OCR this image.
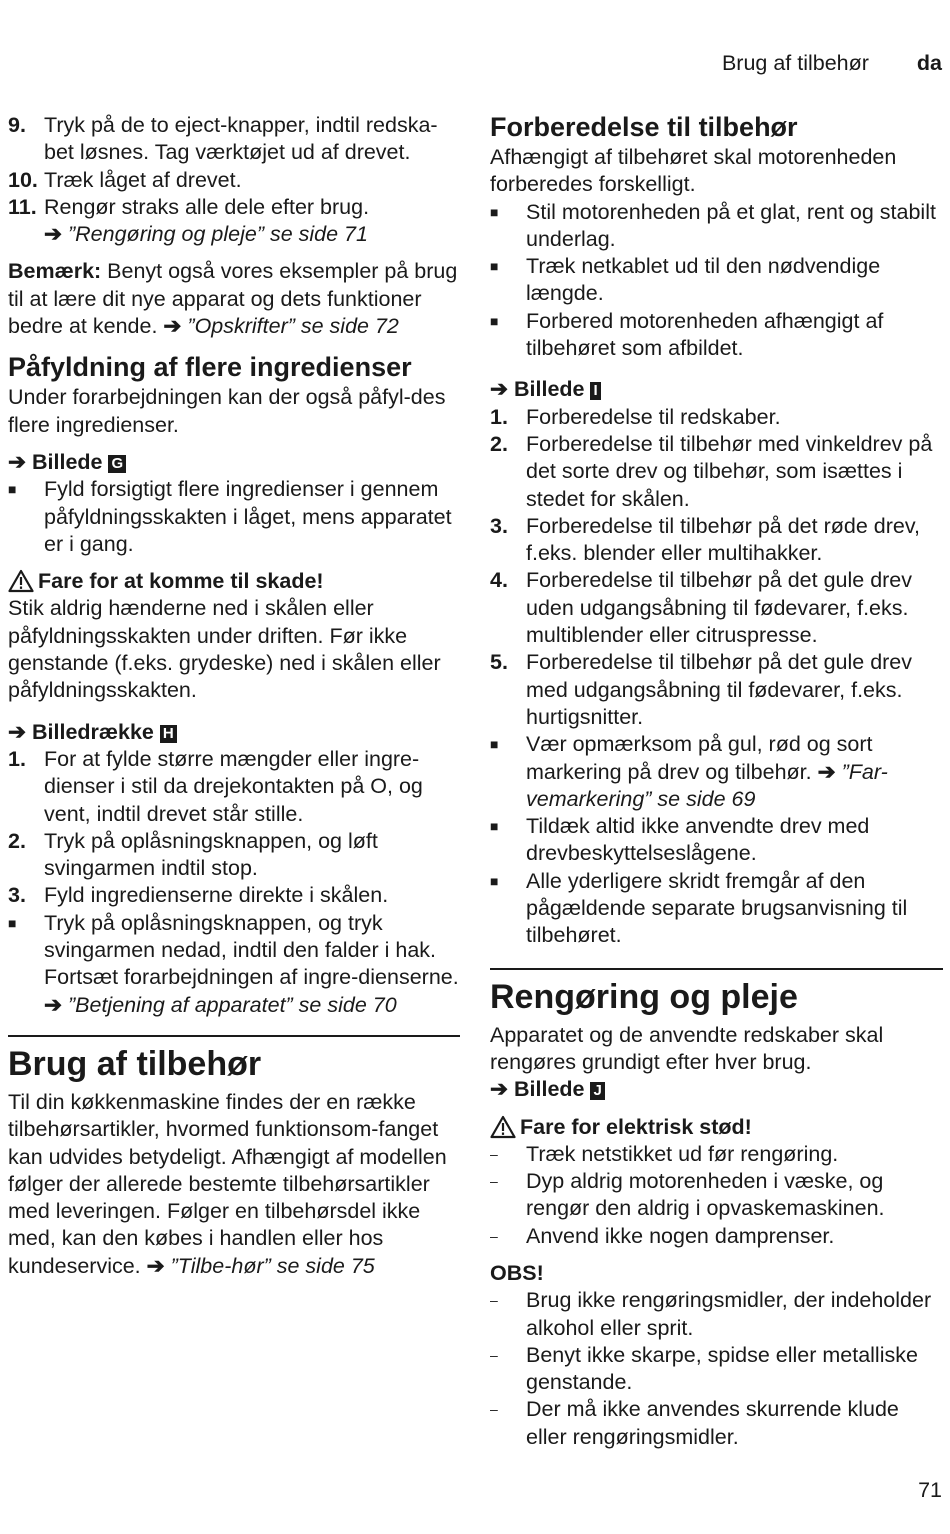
Brug af tilbehør da
9. Tryk på de to eject-knapper, indtil redska-bet løsnes. Tag værktøjet ud af drevet.
10. Træk låget af drevet.
11. Rengør straks alle dele efter brug.
➔ ”Rengøring og pleje” se side 71

Bemærk: Benyt også vores eksempler på brug til at lære dit nye apparat og dets funktioner bedre at kende. ➔ ”Opskrifter” se side 72

Påfyldning af flere ingredienser

Under forarbejdningen kan der også påfyl-des flere ingredienser.

➔ Billede G
■	Fyld forsigtigt flere ingredienser i gennem påfyldningsskakten i låget, mens apparatet er i gang.
Fare for at komme til skade!

Stik aldrig hænderne ned i skålen eller påfyldningsskakten under driften. Før ikke genstande (f.eks. grydeske) ned i skålen eller påfyldningsskakten.

➔ Billedrække H
1. For at fylde større mængder eller ingre-dienser i stil da drejekontakten på O, og vent, indtil drevet står stille.
2. Tryk på oplåsningsknappen, og løft svingarmen indtil stop.
3. Fyld ingredienserne direkte i skålen.
■	Tryk på oplåsningsknappen, og tryk svingarmen nedad, indtil den falder i hak. Fortsæt forarbejdningen af ingre-dienserne. ➔ ”Betjening af apparatet” se side 70
Brug af tilbehør

Til din køkkenmaskine findes der en række tilbehørsartikler, hvormed funktionsom-fanget kan udvides betydeligt. Afhængigt af modellen følger der allerede bestemte tilbehørsartikler med leveringen. Følger en tilbehørsdel ikke med, kan den købes i handlen eller hos kundeservice. ➔ ”Tilbe-hør” se side 75

Forberedelse til tilbehør

Afhængigt af tilbehøret skal motorenheden forberedes forskelligt.

■	Stil motorenheden på et glat, rent og stabilt underlag.
■	Træk netkablet ud til den nødvendige længde.
■	Forbered motorenheden afhængigt af tilbehøret som afbildet.
➔ Billede I
1. Forberedelse til redskaber.
2. Forberedelse til tilbehør med vinkeldrev på det sorte drev og tilbehør, som isættes i stedet for skålen.
3. Forberedelse til tilbehør på det røde drev, f.eks. blender eller multihakker.
4. Forberedelse til tilbehør på det gule drev uden udgangsåbning til fødevarer, f.eks. multiblender eller citruspresse.
5. Forberedelse til tilbehør på det gule drev med udgangsåbning til fødevarer, f.eks. hurtigsnitter.
■	Vær opmærksom på gul, rød og sort markering på drev og tilbehør. ➔ ”Far-vemarkering” se side 69
■	Tildæk altid ikke anvendte drev med drevbeskyttelseslågene.
■	Alle yderligere skridt fremgår af den pågældende separate brugsanvisning til tilbehøret.
Rengøring og pleje

Apparatet og de anvendte redskaber skal rengøres grundigt efter hver brug.

➔ Billede J
Fare for elektrisk stød!
–	Træk netstikket ud før rengøring.
–	Dyp aldrig motorenheden i væske, og rengør den aldrig i opvaskemaskinen.
–	Anvend ikke nogen damprenser.
OBS!
–	Brug ikke rengøringsmidler, der indeholder alkohol eller sprit.
–	Benyt ikke skarpe, spidse eller metalliske genstande.
–	Der må ikke anvendes skurrende klude eller rengøringsmidler.
71
